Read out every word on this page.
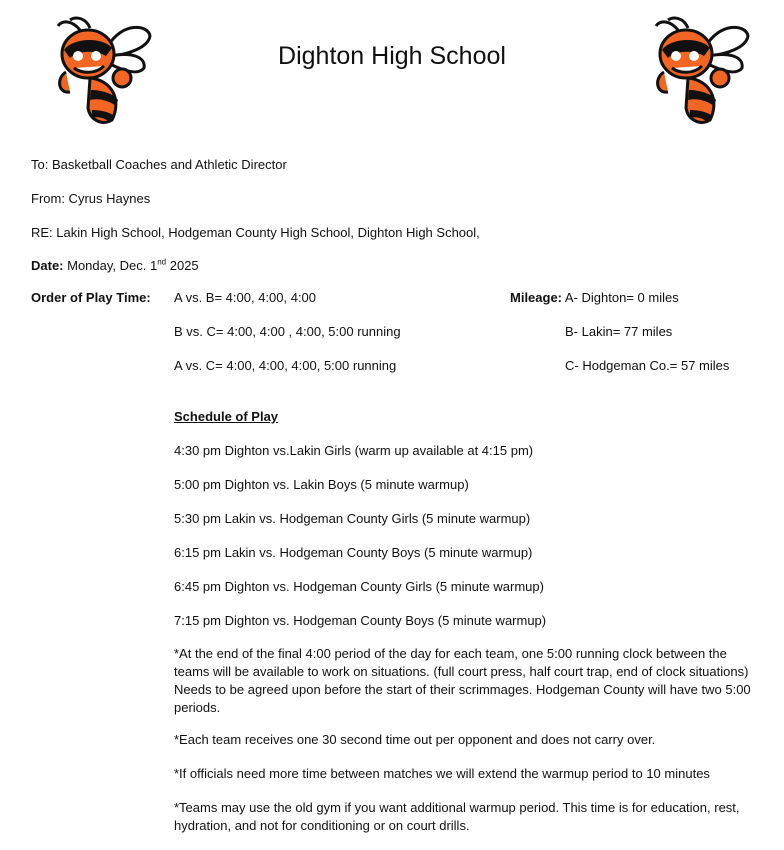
Dighton High School
To: Basketball Coaches and Athletic Director
From: Cyrus Haynes
RE: Lakin High School, Hodgeman County High School, Dighton High School,
Date: Monday, Dec. 1nd 2025
Order of Play Time: A vs. B= 4:00, 4:00, 4:00
B vs. C= 4:00, 4:00 , 4:00, 5:00 running
A vs. C= 4:00, 4:00, 4:00, 5:00 running
Mileage: A- Dighton= 0 miles
B- Lakin= 77 miles
C- Hodgeman Co.= 57 miles
Schedule of Play
4:30 pm Dighton vs.Lakin Girls (warm up available at 4:15 pm)
5:00 pm Dighton vs. Lakin Boys (5 minute warmup)
5:30 pm Lakin vs. Hodgeman County Girls (5 minute warmup)
6:15 pm Lakin vs. Hodgeman County Boys (5 minute warmup)
6:45 pm Dighton vs. Hodgeman County Girls (5 minute warmup)
7:15 pm Dighton vs. Hodgeman County Boys (5 minute warmup)
*At the end of the final 4:00 period of the day for each team, one 5:00 running clock between the teams will be available to work on situations. (full court press, half court trap, end of clock situations) Needs to be agreed upon before the start of their scrimmages. Hodgeman County will have two 5:00 periods.
*Each team receives one 30 second time out per opponent and does not carry over.
*If officials need more time between matches we will extend the warmup period to 10 minutes
*Teams may use the old gym if you want additional warmup period. This time is for education, rest, hydration, and not for conditioning or on court drills.
